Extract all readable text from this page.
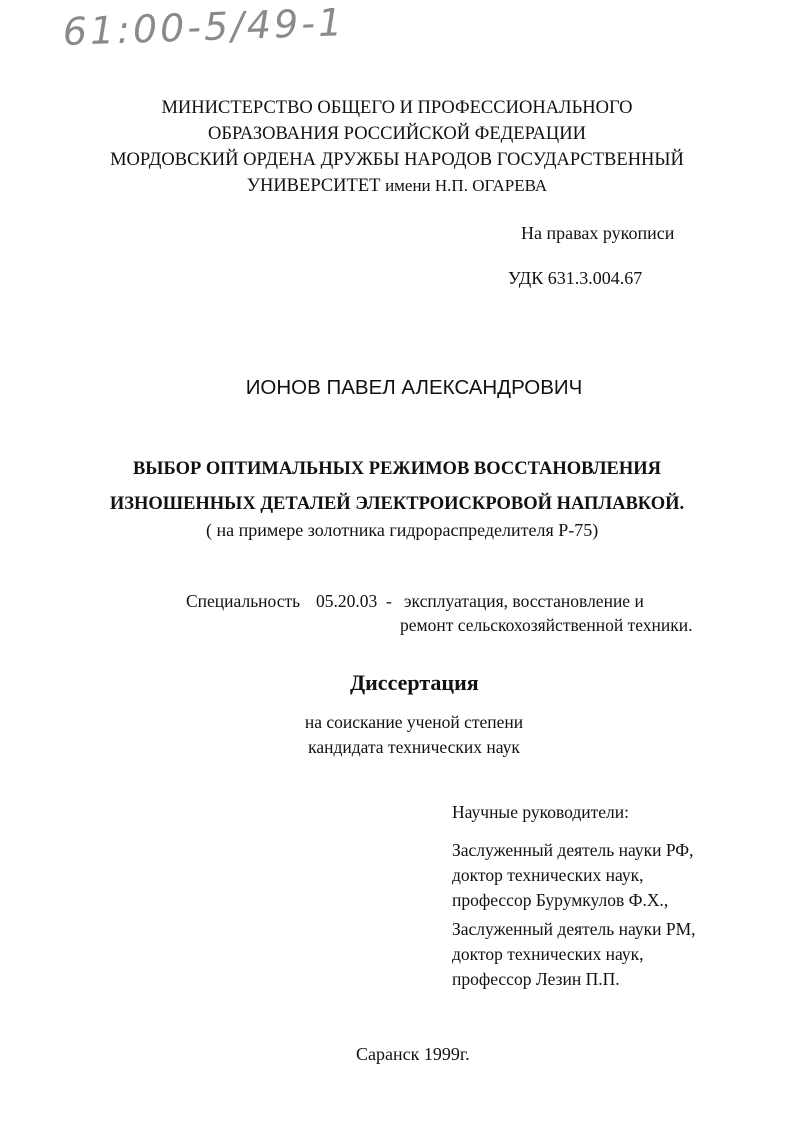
61:00-5/49-1
МИНИСТЕРСТВО ОБЩЕГО И ПРОФЕССИОНАЛЬНОГО
ОБРАЗОВАНИЯ РОССИЙСКОЙ ФЕДЕРАЦИИ
МОРДОВСКИЙ ОРДЕНА ДРУЖБЫ НАРОДОВ ГОСУДАРСТВЕННЫЙ
УНИВЕРСИТЕТ имени Н.П. ОГАРЕВА
На правах рукописи
УДК 631.3.004.67
ИОНОВ ПАВЕЛ АЛЕКСАНДРОВИЧ
ВЫБОР ОПТИМАЛЬНЫХ РЕЖИМОВ ВОССТАНОВЛЕНИЯ
ИЗНОШЕННЫХ ДЕТАЛЕЙ ЭЛЕКТРОИСКРОВОЙ НАПЛАВКОЙ.
( на примере золотника гидрораспределителя Р-75)
Специальность 05.20.03 - эксплуатация, восстановление и
ремонт сельскохозяйственной техники.
Диссертация
на соискание ученой степени
кандидата технических наук
Научные руководители:
Заслуженный деятель науки РФ,
доктор технических наук,
профессор Бурумкулов Ф.Х.,
Заслуженный деятель науки РМ,
доктор технических наук,
профессор Лезин П.П.
Саранск 1999г.
